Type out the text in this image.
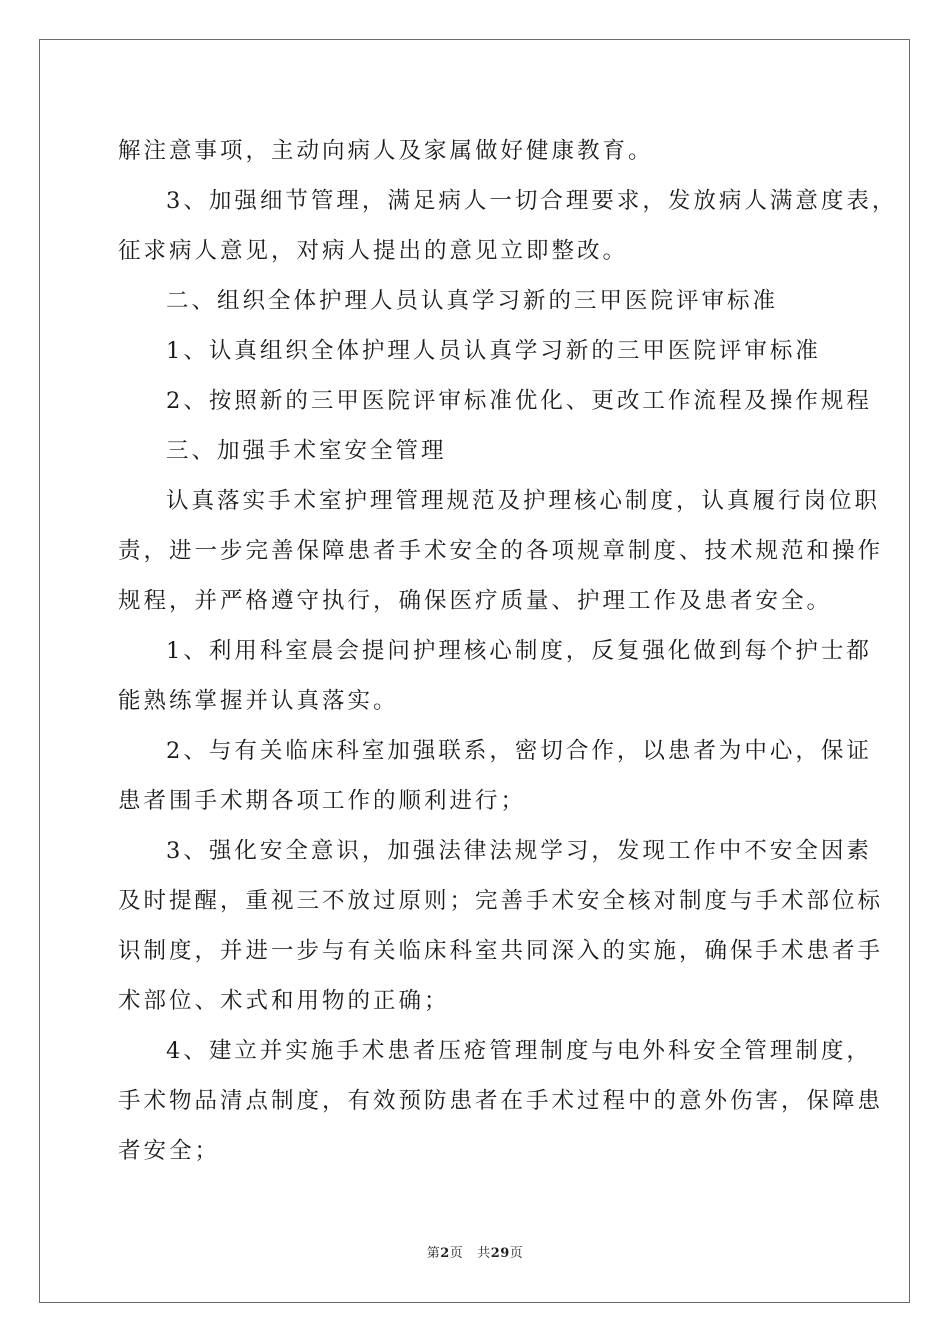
解注意事项，主动向病人及家属做好健康教育。
3、加强细节管理，满足病人一切合理要求，发放病人满意度表，
征求病人意见，对病人提出的意见立即整改。
二、组织全体护理人员认真学习新的三甲医院评审标准
1、认真组织全体护理人员认真学习新的三甲医院评审标准
2、按照新的三甲医院评审标准优化、更改工作流程及操作规程
三、加强手术室安全管理
认真落实手术室护理管理规范及护理核心制度，认真履行岗位职
责，进一步完善保障患者手术安全的各项规章制度、技术规范和操作
规程，并严格遵守执行，确保医疗质量、护理工作及患者安全。
1、利用科室晨会提问护理核心制度，反复强化做到每个护士都
能熟练掌握并认真落实。
2、与有关临床科室加强联系，密切合作，以患者为中心，保证
患者围手术期各项工作的顺利进行；
3、强化安全意识，加强法律法规学习，发现工作中不安全因素
及时提醒，重视三不放过原则；完善手术安全核对制度与手术部位标
识制度，并进一步与有关临床科室共同深入的实施，确保手术患者手
术部位、术式和用物的正确；
4、建立并实施手术患者压疮管理制度与电外科安全管理制度，
手术物品清点制度，有效预防患者在手术过程中的意外伤害，保障患
者安全；
第2页 共29页
